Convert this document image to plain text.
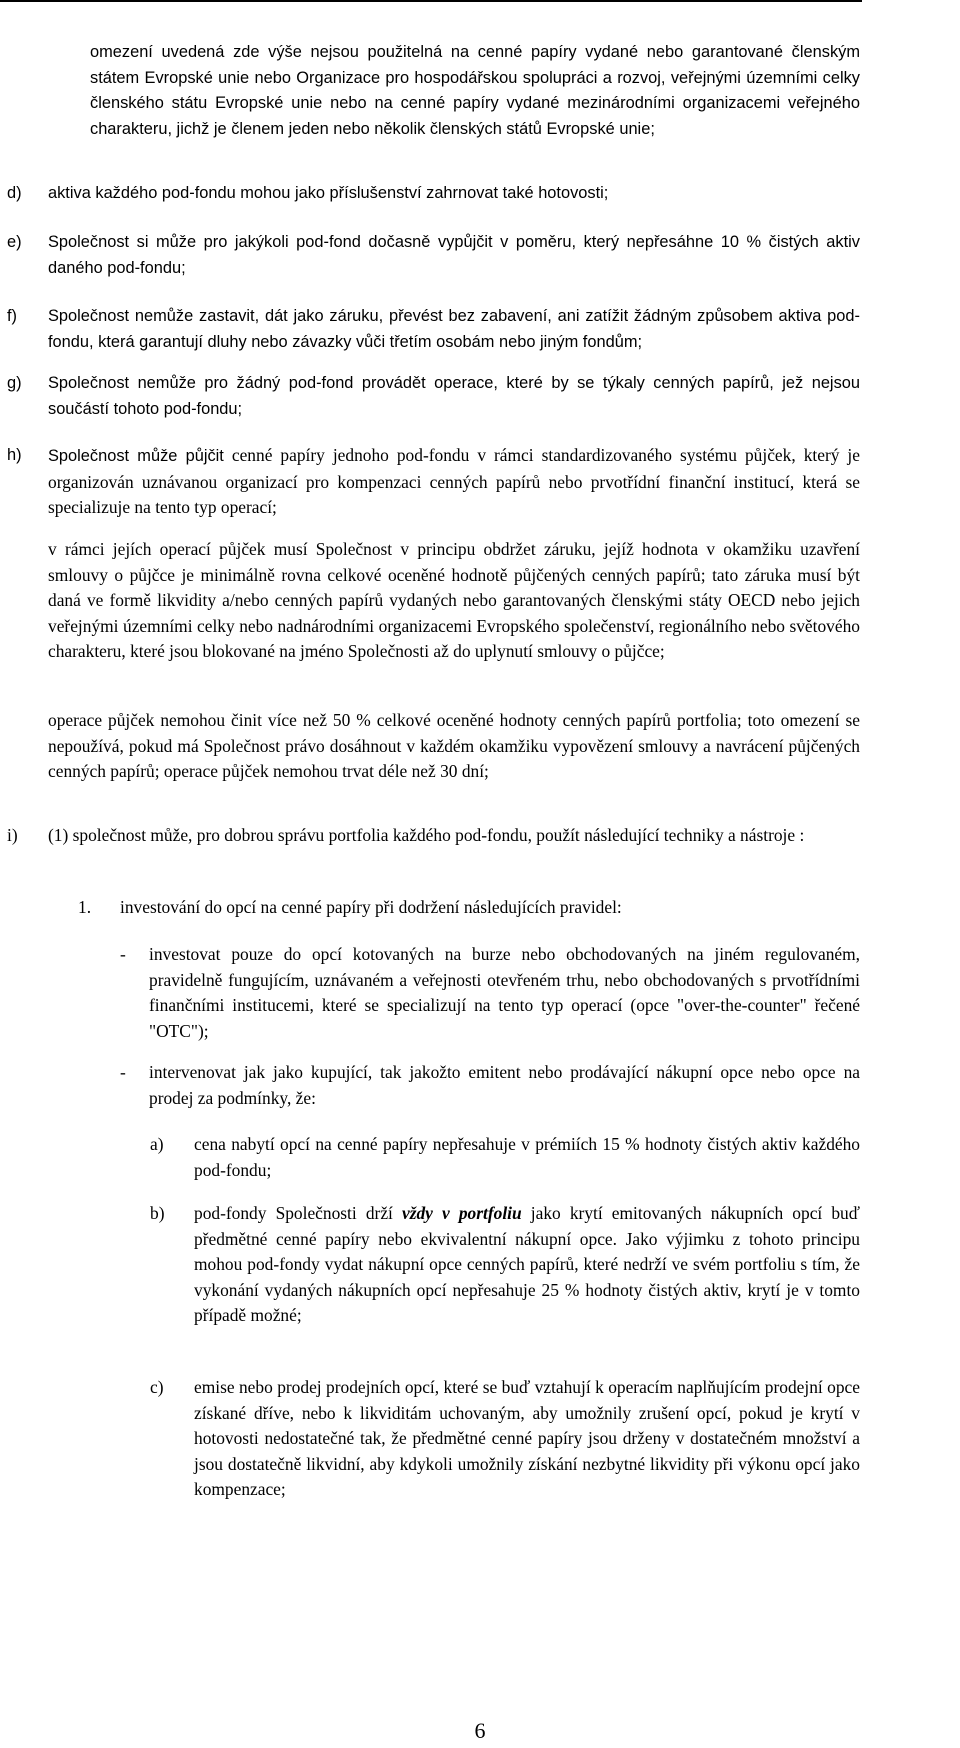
omezení uvedená zde výše nejsou použitelná na cenné papíry vydané nebo garantované členským státem Evropské unie nebo Organizace pro hospodářskou spolupráci a rozvoj, veřejnými územními celky členského státu Evropské unie nebo na cenné papíry vydané mezinárodními organizacemi veřejného charakteru, jichž je členem jeden nebo několik členských států Evropské unie;
d) aktiva každého pod-fondu mohou jako příslušenství zahrnovat také hotovosti;
e) Společnost si může pro jakýkoli pod-fond dočasně vypůjčit v poměru, který nepřesáhne 10 % čistých aktiv daného pod-fondu;
f) Společnost nemůže zastavit, dát jako záruku, převést bez zabavení, ani zatížit žádným způsobem aktiva pod-fondu, která garantují dluhy nebo závazky vůči třetím osobám nebo jiným fondům;
g) Společnost nemůže pro žádný pod-fond provádět operace, které by se týkaly cenných papírů, jež nejsou součástí tohoto pod-fondu;
h) Společnost může půjčit cenné papíry jednoho pod-fondu v rámci standardizovaného systému půjček, který je organizován uznávanou organizací pro kompenzaci cenných papírů nebo prvotřídní finanční institucí, která se specializuje na tento typ operací;
v rámci jejích operací půjček musí Společnost v principu obdržet záruku, jejíž hodnota v okamžiku uzavření smlouvy o půjčce je minimálně rovna celkové oceněné hodnotě půjčených cenných papírů; tato záruka musí být daná ve formě likvidity a/nebo cenných papírů vydaných nebo garantovaných členskými státy OECD nebo jejich veřejnými územními celky nebo nadnárodními organizacemi Evropského společenství, regionálního nebo světového charakteru, které jsou blokované na jméno Společnosti až do uplynutí smlouvy o půjčce;
operace půjček nemohou činit více než 50 % celkové oceněné hodnoty cenných papírů portfolia; toto omezení se nepoužívá, pokud má Společnost právo dosáhnout v každém okamžiku vypovězení smlouvy a navrácení půjčených cenných papírů; operace půjček nemohou trvat déle než 30 dní;
i) (1) společnost může, pro dobrou správu portfolia každého pod-fondu, použít následující techniky a nástroje :
1. investování do opcí na cenné papíry při dodržení následujících pravidel:
- investovat pouze do opcí kotovaných na burze nebo obchodovaných na jiném regulovaném, pravidelně fungujícím, uznávaném a veřejnosti otevřeném trhu, nebo obchodovaných s prvotřídními finančními institucemi, které se specializují na tento typ operací (opce "over-the-counter" řečené "OTC");
- intervenovat jak jako kupující, tak jakožto emitent nebo prodávající nákupní opce nebo opce na prodej za podmínky, že:
a) cena nabytí opcí na cenné papíry nepřesahuje v prémiích 15 % hodnoty čistých aktiv každého pod-fondu;
b) pod-fondy Společnosti drží vždy v portfoliu jako krytí emitovaných nákupních opcí buď předmětné cenné papíry nebo ekvivalentní nákupní opce. Jako výjimku z tohoto principu mohou pod-fondy vydat nákupní opce cenných papírů, které nedrží ve svém portfoliu s tím, že vykonání vydaných nákupních opcí nepřesahuje 25 % hodnoty čistých aktiv, krytí je v tomto případě možné;
c) emise nebo prodej prodejních opcí, které se buď vztahují k operacím naplňujícím prodejní opce získané dříve, nebo k likviditám uchovaným, aby umožnily zrušení opcí, pokud je krytí v hotovosti nedostatečné tak, že předmětné cenné papíry jsou drženy v dostatečném množství a jsou dostatečně likvidní, aby kdykoli umožnily získání nezbytné likvidity při výkonu opcí jako kompenzace;
6
